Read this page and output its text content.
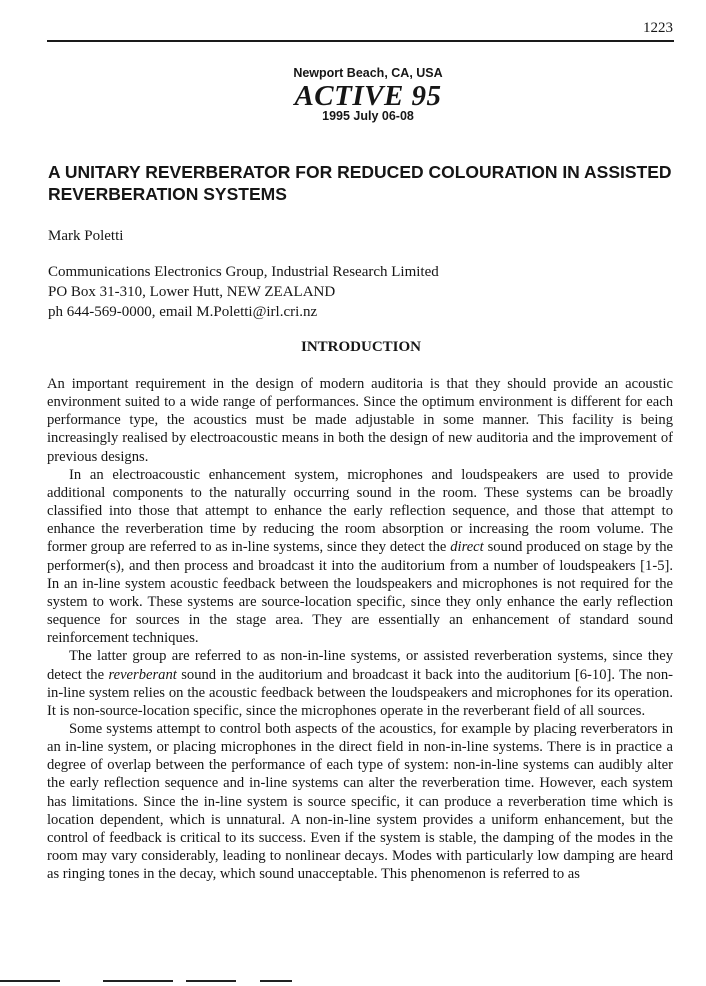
1223
Newport Beach, CA, USA
ACTIVE 95
1995 July 06-08
A UNITARY REVERBERATOR FOR REDUCED COLOURATION IN ASSISTED REVERBERATION SYSTEMS
Mark Poletti
Communications Electronics Group, Industrial Research Limited
PO Box 31-310, Lower Hutt, NEW ZEALAND
ph 644-569-0000, email M.Poletti@irl.cri.nz
INTRODUCTION

An important requirement in the design of modern auditoria is that they should provide an acoustic environment suited to a wide range of performances. Since the optimum environment is different for each performance type, the acoustics must be made adjustable in some manner. This facility is being increasingly realised by electroacoustic means in both the design of new auditoria and the improvement of previous designs.

In an electroacoustic enhancement system, microphones and loudspeakers are used to provide additional components to the naturally occurring sound in the room. These systems can be broadly classified into those that attempt to enhance the early reflection sequence, and those that attempt to enhance the reverberation time by reducing the room absorption or increasing the room volume. The former group are referred to as in-line systems, since they detect the direct sound produced on stage by the performer(s), and then process and broadcast it into the auditorium from a number of loudspeakers [1-5]. In an in-line system acoustic feedback between the loudspeakers and microphones is not required for the system to work. These systems are source-location specific, since they only enhance the early reflection sequence for sources in the stage area. They are essentially an enhancement of standard sound reinforcement techniques.

The latter group are referred to as non-in-line systems, or assisted reverberation systems, since they detect the reverberant sound in the auditorium and broadcast it back into the auditorium [6-10]. The non-in-line system relies on the acoustic feedback between the loudspeakers and microphones for its operation. It is non-source-location specific, since the microphones operate in the reverberant field of all sources.

Some systems attempt to control both aspects of the acoustics, for example by placing reverberators in an in-line system, or placing microphones in the direct field in non-in-line systems. There is in practice a degree of overlap between the performance of each type of system: non-in-line systems can audibly alter the early reflection sequence and in-line systems can alter the reverberation time. However, each system has limitations. Since the in-line system is source specific, it can produce a reverberation time which is location dependent, which is unnatural. A non-in-line system provides a uniform enhancement, but the control of feedback is critical to its success. Even if the system is stable, the damping of the modes in the room may vary considerably, leading to nonlinear decays. Modes with particularly low damping are heard as ringing tones in the decay, which sound unacceptable. This phenomenon is referred to as
